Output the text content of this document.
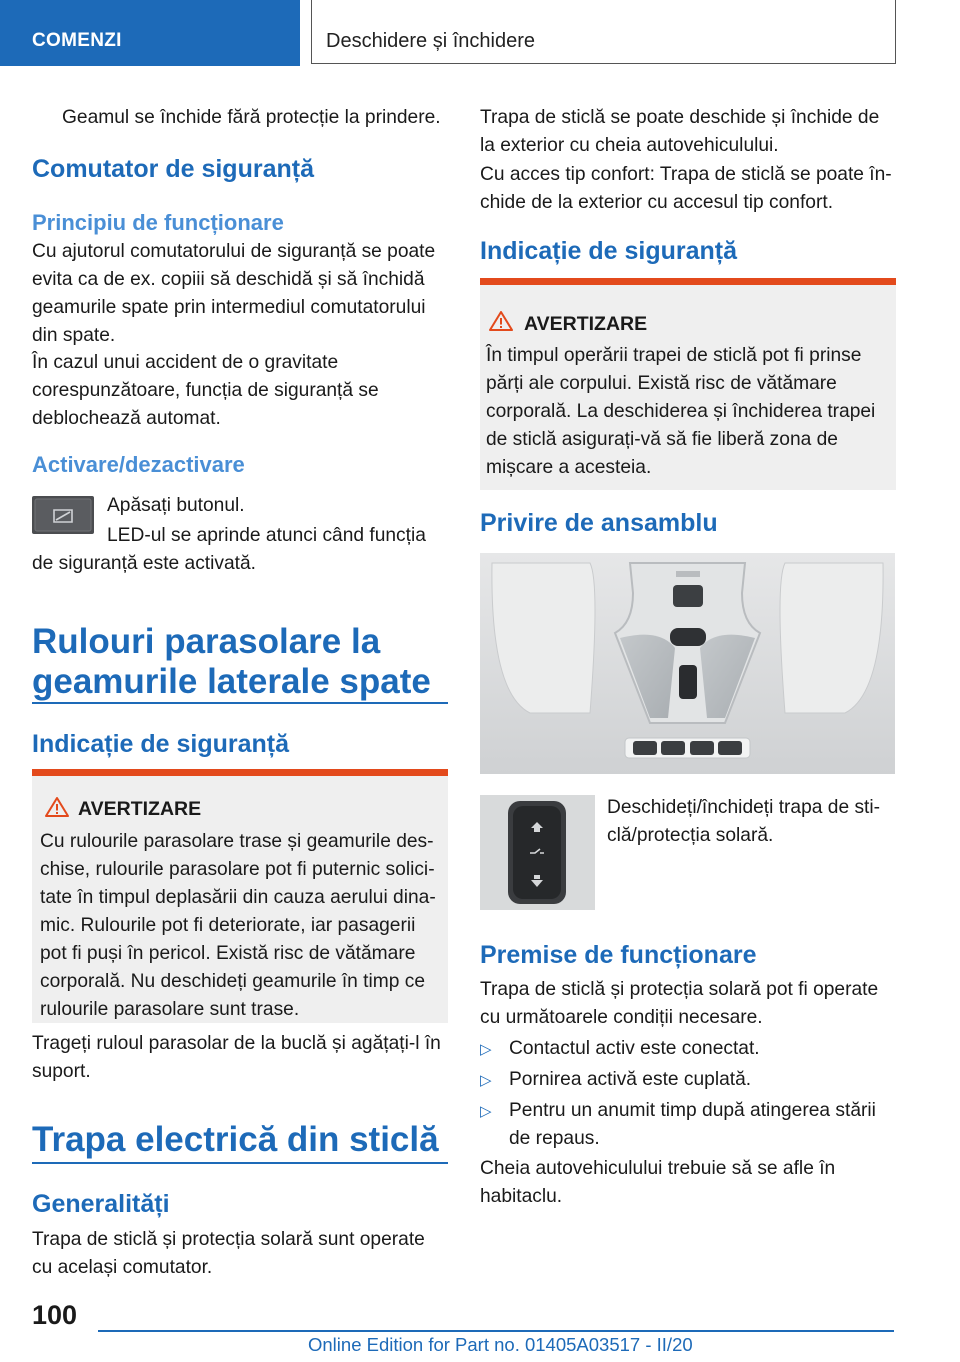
COMENZI	Deschidere și închidere

Geamul se închide fără protecție la prindere.

Comutator de siguranță
Principiu de funcționare

Cu ajutorul comutatorului de siguranță se poate evita ca de ex. copiii să deschidă și să închidă geamurile spate prin intermediul comutatorului din spate.

În cazul unui accident de o gravitate corespunzătoare, funcția de siguranță se deblochează automat.

Activare/dezactivare

Apăsați butonul.

LED-ul se aprinde atunci când funcția de siguranță este activată.

Rulouri parasolare la geamurile laterale spate
Indicație de siguranță
AVERTIZARE

Cu rulourile parasolare trase și geamurile deschise, rulourile parasolare pot fi puternic solicitate în timpul deplasării din cauza aerului dinamic. Rulourile pot fi deteriorate, iar pasagerii pot fi puși în pericol. Există risc de vătămare corporală. Nu deschideți geamurile în timp ce rulourile parasolare sunt trase.

Trageți ruloul parasolar de la buclă și agățați-l în suport.

Trapa electrică din sticlă
Generalități

Trapa de sticlă și protecția solară sunt operate cu același comutator.

Trapa de sticlă se poate deschide și închide de la exterior cu cheia autovehiculului.

Cu acces tip confort: Trapa de sticlă se poate închide de la exterior cu accesul tip confort.

Indicație de siguranță
AVERTIZARE

În timpul operării trapei de sticlă pot fi prinse părți ale corpului. Există risc de vătămare corporală. La deschiderea și închiderea trapei de sticlă asigurați-vă să fie liberă zona de mișcare a acesteia.

Privire de ansamblu

Deschideți/închideți trapa de sticlă/protecția solară.

Premise de funcționare

Trapa de sticlă și protecția solară pot fi operate cu următoarele condiții necesare.

▷ Contactul activ este conectat.

▷ Pornirea activă este cuplată.

▷ Pentru un anumit timp după atingerea stării de repaus.

Cheia autovehiculului trebuie să se afle în habitaclu.

100
Online Edition for Part no. 01405A03517 - II/20
